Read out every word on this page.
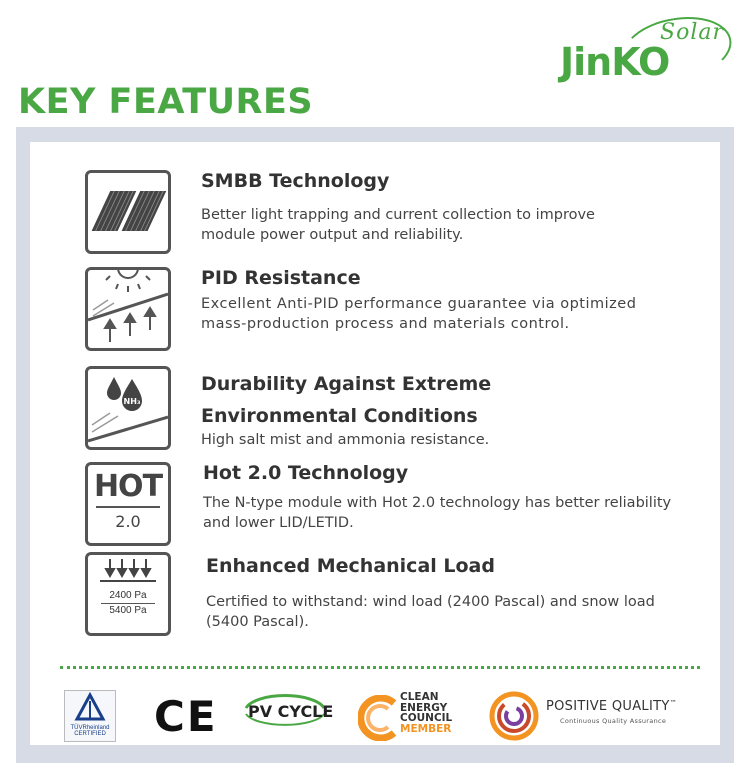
JinKO
Solar
KEY FEATURES
SMBB Technology
Better light trapping and current collection to improve module power output and reliability.
PID Resistance
Excellent Anti-PID performance guarantee via optimized mass-production process and materials control.
NH₃
Durability Against Extreme Environmental Conditions
High salt mist and ammonia resistance.
HOT
2.0
Hot 2.0 Technology
The N-type module with Hot 2.0 technology has better reliability and lower LID/LETID.
2400 Pa
5400 Pa
Enhanced Mechanical Load
Certified to withstand: wind load (2400 Pascal) and snow load (5400 Pascal).
TÜVRheinland CERTIFIED CE PV CYCLE
CLEAN
ENERGY
COUNCIL
MEMBER
POSITIVE QUALITY™
Continuous Quality Assurance
